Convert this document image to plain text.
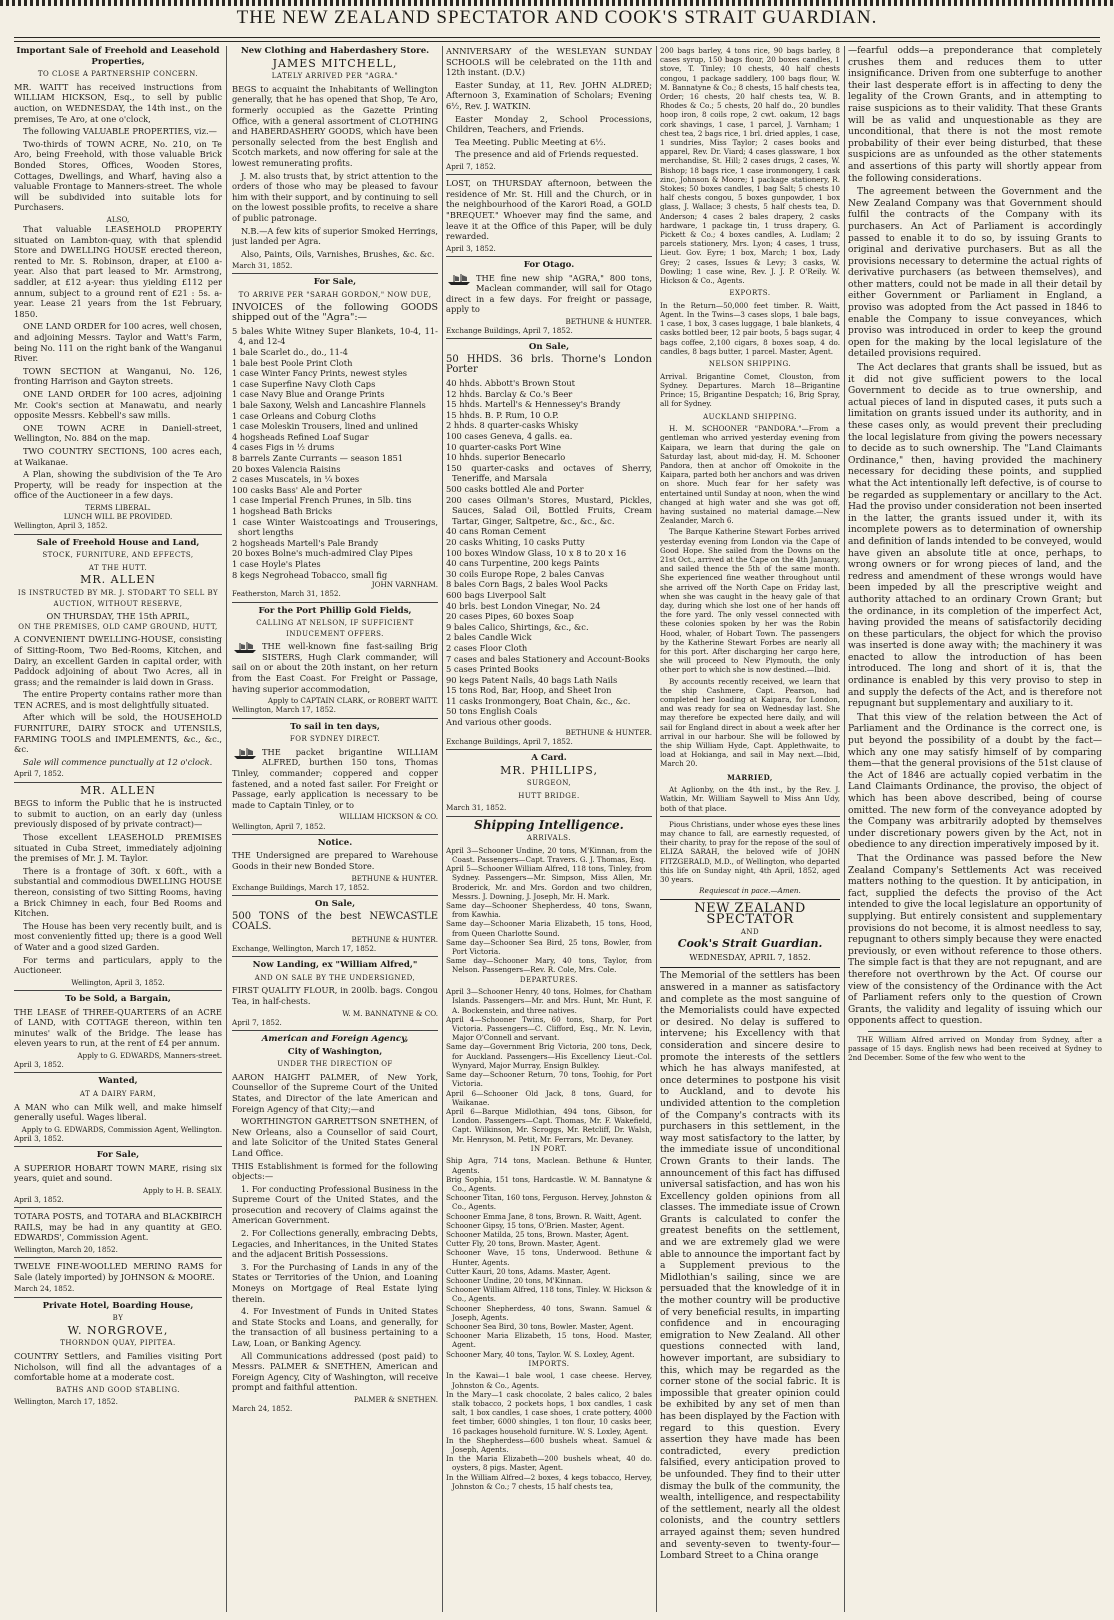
THE NEW ZEALAND SPECTATOR AND COOK'S STRAIT GUARDIAN.
Important Sale of Freehold and Leasehold Properties,
TO CLOSE A PARTNERSHIP CONCERN.
MR. WAITT has received instructions from WILLIAM HICKSON, Esq., to sell by public auction, on WEDNESDAY, the 14th inst., on the premises, Te Aro, at one o'clock,
The following VALUABLE PROPERTIES, viz.—
Two-thirds of TOWN ACRE, No. 210, on Te Aro, being Freehold, with those valuable Brick Bonded Stores, Offices, Wooden Stores, Cottages, Dwellings, and Wharf, having also a valuable Frontage to Manners-street. The whole will be subdivided into suitable lots for Purchasers.
ALSO,
That valuable LEASEHOLD PROPERTY situated on Lambton-quay, with that splendid Store and DWELLING HOUSE erected thereon, rented to Mr. S. Robinson, draper, at £100 a-year. Also that part leased to Mr. Armstrong, saddler, at £12 a-year: thus yielding £112 per annum, subject to a ground rent of £21 : 5s. a-year. Lease 21 years from the 1st February, 1850.
ONE LAND ORDER for 100 acres, well chosen, and adjoining Messrs. Taylor and Watt's Farm, being No. 111 on the right bank of the Wanganui River.
TOWN SECTION at Wanganui, No. 126, fronting Harrison and Gayton streets.
ONE LAND ORDER for 100 acres, adjoining Mr. Cook's section at Manawatu, and nearly opposite Messrs. Kebbell's saw mills.
ONE TOWN ACRE in Daniell-street, Wellington, No. 884 on the map.
TWO COUNTRY SECTIONS, 100 acres each, at Waikanae.
A Plan, showing the subdivision of the Te Aro Property, will be ready for inspection at the office of the Auctioneer in a few days.
TERMS LIBERAL.
LUNCH WILL BE PROVIDED.
Wellington, April 3, 1852.
Sale of Freehold House and Land,
STOCK, FURNITURE, AND EFFECTS,
AT THE HUTT.
MR. ALLEN
IS INSTRUCTED BY MR. J. STODART TO SELL BY AUCTION, WITHOUT RESERVE,
ON THURSDAY, THE 15th APRIL,
ON THE PREMISES, OLD CAMP GROUND, HUTT,
A CONVENIENT DWELLING-HOUSE, consisting of Sitting-Room, Two Bed-Rooms, Kitchen, and Dairy, an excellent Garden in capital order, with Paddock adjoining of about Two Acres, all in grass; and the remainder is laid down in Grass.
The entire Property contains rather more than TEN ACRES, and is most delightfully situated.
After which will be sold, the HOUSEHOLD FURNITURE, DAIRY STOCK and UTENSILS, FARMING TOOLS and IMPLEMENTS, &c., &c., &c.
Sale will commence punctually at 12 o'clock.
April 7, 1852.
MR. ALLEN
BEGS to inform the Public that he is instructed to submit to auction, on an early day (unless previously disposed of by private contract)—
Those excellent LEASEHOLD PREMISES situated in Cuba Street, immediately adjoining the premises of Mr. J. M. Taylor.
There is a frontage of 30ft. x 60ft., with a substantial and commodious DWELLING HOUSE thereon, consisting of two Sitting Rooms, having a Brick Chimney in each, four Bed Rooms and Kitchen.
The House has been very recently built, and is most conveniently fitted up; there is a good Well of Water and a good sized Garden.
For terms and particulars, apply to the Auctioneer.
Wellington, April 3, 1852.
To be Sold, a Bargain,
THE LEASE of THREE-QUARTERS of an ACRE of LAND, with COTTAGE thereon, within ten minutes' walk of the Bridge. The lease has eleven years to run, at the rent of £4 per annum.
Apply to G. EDWARDS, Manners-street.
April 3, 1852.
Wanted,
AT A DAIRY FARM,
A MAN who can Milk well, and make himself generally useful. Wages liberal.
Apply to G. EDWARDS, Commission Agent, Wellington.
April 3, 1852.
For Sale,
A SUPERIOR HOBART TOWN MARE, rising six years, quiet and sound.
Apply to H. B. SEALY.
April 3, 1852.
TOTARA POSTS, and TOTARA and BLACKBIRCH RAILS, may be had in any quantity at GEO. EDWARDS', Commission Agent.
Wellington, March 20, 1852.
TWELVE FINE-WOOLLED MERINO RAMS for Sale (lately imported) by JOHNSON & MOORE.
March 24, 1852.
Private Hotel, Boarding House,
BY
W. NORGROVE,
THORNDON QUAY, PIPITEA.
COUNTRY Settlers, and Families visiting Port Nicholson, will find all the advantages of a comfortable home at a moderate cost.
BATHS AND GOOD STABLING.
Wellington, March 17, 1852.
New Clothing and Haberdashery Store.
JAMES MITCHELL,
LATELY ARRIVED PER "AGRA."
BEGS to acquaint the Inhabitants of Wellington generally, that he has opened that Shop, Te Aro, formerly occupied as the Gazette Printing Office, with a general assortment of CLOTHING and HABERDASHERY GOODS, which have been personally selected from the best English and Scotch markets, and now offering for sale at the lowest remunerating profits.
J. M. also trusts that, by strict attention to the orders of those who may be pleased to favour him with their support, and by continuing to sell on the lowest possible profits, to receive a share of public patronage.
N.B.—A few kits of superior Smoked Herrings, just landed per Agra.
Also, Paints, Oils, Varnishes, Brushes, &c. &c.
March 31, 1852.
For Sale,
TO ARRIVE PER "SARAH GORDON," NOW DUE,
INVOICES of the following GOODS shipped out of the "Agra":—
5 bales White Witney Super Blankets, 10-4, 11-4, and 12-4
1 bale Scarlet do., do., 11-4
1 bale best Poole Print Cloth
1 case Winter Fancy Prints, newest styles
1 case Superfine Navy Cloth Caps
1 case Navy Blue and Orange Prints
1 bale Saxony, Welsh and Lancashire Flannels
1 case Orleans and Coburg Cloths
1 case Moleskin Trousers, lined and unlined
4 hogsheads Refined Loaf Sugar
4 cases Figs in ½ drums
8 barrels Zante Currants — season 1851
20 boxes Valencia Raisins
2 cases Muscatels, in ¼ boxes
100 casks Bass' Ale and Porter
1 case Imperial French Prunes, in 5lb. tins
1 hogshead Bath Bricks
1 case Winter Waistcoatings and Trouserings, short lengths
2 hogsheads Martell's Pale Brandy
20 boxes Bolne's much-admired Clay Pipes
1 case Hoyle's Plates
8 kegs Negrohead Tobacco, small fig
JOHN VARNHAM.
Featherston, March 31, 1852.
For the Port Phillip Gold Fields,
CALLING AT NELSON, IF SUFFICIENT INDUCEMENT OFFERS.
THE well-known fine fast-sailing Brig SISTERS, Hugh Clark commander, will sail on or about the 20th instant, on her return from the East Coast. For Freight or Passage, having superior accommodation,
Apply to CAPTAIN CLARK, or ROBERT WAITT.
Wellington, March 17, 1852.
To sail in ten days,
FOR SYDNEY DIRECT.
THE packet brigantine WILLIAM ALFRED, burthen 150 tons, Thomas Tinley, commander; coppered and copper fastened, and a noted fast sailer. For Freight or Passage, early application is necessary to be made to Captain Tinley, or to
WILLIAM HICKSON & CO.
Wellington, April 7, 1852.
Notice.
THE Undersigned are prepared to Warehouse Goods in their new Bonded Store.
BETHUNE & HUNTER.
Exchange Buildings, March 17, 1852.
On Sale,
500 TONS of the best NEWCASTLE COALS.
BETHUNE & HUNTER.
Exchange, Wellington, March 17, 1852.
Now Landing, ex "William Alfred,"
AND ON SALE BY THE UNDERSIGNED,
FIRST QUALITY FLOUR, in 200lb. bags. Congou Tea, in half-chests.
W. M. BANNATYNE & CO.
April 7, 1852.
American and Foreign Agency,
City of Washington,
UNDER THE DIRECTION OF
AARON HAIGHT PALMER, of New York, Counsellor of the Supreme Court of the United States, and Director of the late American and Foreign Agency of that City;—and
WORTHINGTON GARRETTSON SNETHEN, of New Orleans, also a Counsellor of said Court, and late Solicitor of the United States General Land Office.
THIS Establishment is formed for the following objects:—
1. For conducting Professional Business in the Supreme Court of the United States, and the prosecution and recovery of Claims against the American Government.
2. For Collections generally, embracing Debts, Legacies, and Inheritances, in the United States and the adjacent British Possessions.
3. For the Purchasing of Lands in any of the States or Territories of the Union, and Loaning Moneys on Mortgage of Real Estate lying therein.
4. For Investment of Funds in United States and State Stocks and Loans, and generally, for the transaction of all business pertaining to a Law, Loan, or Banking Agency.
All Communications addressed (post paid) to Messrs. PALMER & SNETHEN, American and Foreign Agency, City of Washington, will receive prompt and faithful attention.
PALMER & SNETHEN.
March 24, 1852.
ANNIVERSARY of the WESLEYAN SUNDAY SCHOOLS will be celebrated on the 11th and 12th instant. (D.V.)
Easter Sunday, at 11, Rev. JOHN ALDRED; Afternoon 3, Examination of Scholars; Evening 6½, Rev. J. WATKIN.
Easter Monday 2, School Processions, Children, Teachers, and Friends.
Tea Meeting. Public Meeting at 6½.
The presence and aid of Friends requested.
April 7, 1852.
LOST, on THURSDAY afternoon, between the residence of Mr. St. Hill and the Church, or in the neighbourhood of the Karori Road, a GOLD "BREQUET." Whoever may find the same, and leave it at the Office of this Paper, will be duly rewarded.
April 3, 1852.
For Otago.
THE fine new ship "AGRA," 800 tons, Maclean commander, will sail for Otago direct in a few days. For freight or passage, apply to
BETHUNE & HUNTER.
Exchange Buildings, April 7, 1852.
On Sale,
50 HHDS. 36 brls. Thorne's London Porter
40 hhds. Abbott's Brown Stout
12 hhds. Barclay & Co.'s Beer
15 hhds. Martell's & Hennessey's Brandy
15 hhds. B. P. Rum, 10 O.P.
2 hhds. 8 quarter-casks Whisky
100 cases Geneva, 4 galls. ea.
10 quarter-casks Port Wine
10 hhds. superior Benecarlo
150 quarter-casks and octaves of Sherry, Teneriffe, and Marsala
500 casks bottled Ale and Porter
200 cases Oilman's Stores, Mustard, Pickles, Sauces, Salad Oil, Bottled Fruits, Cream Tartar, Ginger, Saltpetre, &c., &c., &c.
40 cans Roman Cement
20 casks Whiting, 10 casks Putty
100 boxes Window Glass, 10 x 8 to 20 x 16
40 cans Turpentine, 200 kegs Paints
30 coils Europe Rope, 2 bales Canvas
8 bales Corn Bags, 2 bales Wool Packs
600 bags Liverpool Salt
40 brls. best London Vinegar, No. 24
20 cases Pipes, 60 boxes Soap
9 bales Calico, Shirtings, &c., &c.
2 bales Candle Wick
2 cases Floor Cloth
7 cases and bales Stationery and Account-Books
5 cases Printed Books
90 kegs Patent Nails, 40 bags Lath Nails
15 tons Rod, Bar, Hoop, and Sheet Iron
11 casks Ironmongery, Boat Chain, &c., &c.
50 tons English Coals
And various other goods.
BETHUNE & HUNTER.
Exchange Buildings, April 7, 1852.
A Card.
MR. PHILLIPS,
SURGEON,
HUTT BRIDGE.
March 31, 1852.
Shipping Intelligence.
ARRIVALS.
April 3—Schooner Undine, 20 tons, M'Kinnan, from the Coast. Passengers—Capt. Travers. G. J. Thomas, Esq.
April 5—Schooner William Alfred, 118 tons, Tinley, from Sydney. Passengers—Mr. Simpson, Miss Allen, Mr. Broderick, Mr. and Mrs. Gordon and two children, Messrs. J. Downing, J. Joseph, Mr. H. Mark.
Same day—Schooner Shepherdess, 40 tons, Swann, from Kawhia.
Same day—Schooner Maria Elizabeth, 15 tons, Hood, from Queen Charlotte Sound.
Same day—Schooner Sea Bird, 25 tons, Bowler, from Port Victoria.
Same day—Schooner Mary, 40 tons, Taylor, from Nelson. Passengers—Rev. R. Cole, Mrs. Cole.
DEPARTURES.
April 3—Schooner Henry, 40 tons, Holmes, for Chatham Islands. Passengers—Mr. and Mrs. Hunt, Mr. Hunt, F. A. Bockenstein, and three natives.
April 4—Schooner Twins, 60 tons, Sharp, for Port Victoria. Passengers—C. Clifford, Esq., Mr. N. Levin, Major O'Connell and servant.
Same day—Government Brig Victoria, 200 tons, Deck, for Auckland. Passengers—His Excellency Lieut.-Col. Wynyard, Major Murray, Ensign Bulkley.
Same day—Schooner Return, 70 tons, Toohig, for Port Victoria.
April 6—Schooner Old Jack, 8 tons, Guard, for Waikanae.
April 6—Barque Midlothian, 494 tons, Gibson, for London. Passengers—Capt. Thomas, Mr. F. Wakefield, Capt. Wilkinson, Mr. Scroggs, Mr. Retcliff, Dr. Walsh, Mr. Henryson, M. Petit, Mr. Ferrars, Mr. Devaney.
IN PORT.
Ship Agra, 714 tons, Maclean. Bethune & Hunter, Agents.
Brig Sophia, 151 tons, Hardcastle. W. M. Bannatyne & Co., Agents.
Schooner Titan, 160 tons, Ferguson. Hervey, Johnston & Co., Agents.
Schooner Emma Jane, 8 tons, Brown. R. Waitt, Agent.
Schooner Gipsy, 15 tons, O'Brien. Master, Agent.
Schooner Matilda, 25 tons, Brown. Master, Agent.
Cutter Fly, 20 tons, Brown. Master, Agent.
Schooner Wave, 15 tons, Underwood. Bethune & Hunter, Agents.
Cutter Kauri, 20 tons, Adams. Master, Agent.
Schooner Undine, 20 tons, M'Kinnan.
Schooner William Alfred, 118 tons, Tinley. W. Hickson & Co., Agents.
Schooner Shepherdess, 40 tons, Swann. Samuel & Joseph, Agents.
Schooner Sea Bird, 30 tons, Bowler. Master, Agent.
Schooner Maria Elizabeth, 15 tons, Hood. Master, Agent.
Schooner Mary, 40 tons, Taylor. W. S. Loxley, Agent.
IMPORTS.
In the Kawai—1 bale wool, 1 case cheese. Hervey, Johnston & Co., Agents.
In the Mary—1 cask chocolate, 2 bales calico, 2 bales stalk tobacco, 2 pockets hops, 1 box candles, 1 cask salt, 1 box candles, 1 case shoes, 1 crate pottery, 4000 feet timber, 6000 shingles, 1 ton flour, 10 casks beer, 16 packages household furniture. W. S. Loxley, Agent.
In the Shepherdess—600 bushels wheat. Samuel & Joseph, Agents.
In the Maria Elizabeth—200 bushels wheat, 40 do. oysters, 8 pigs. Master, Agent.
In the William Alfred—2 boxes, 4 kegs tobacco, Hervey, Johnston & Co.; 7 chests, 15 half chests tea,
200 bags barley, 4 tons rice, 90 bags barley, 8 cases syrup, 150 bags flour, 20 boxes candles, 1 stove, T. Tinley; 10 chests, 40 half chests congou, 1 package saddlery, 100 bags flour, W. M. Bannatyne & Co.; 8 chests, 15 half chests tea, Order; 16 chests, 20 half chests tea, W. B. Rhodes & Co.; 5 chests, 20 half do., 20 bundles hoop iron, 8 coils rope, 2 cwt. oakum, 12 bags cork shavings, 1 case, 1 parcel, J. Varnham; 1 chest tea, 2 bags rice, 1 brl. dried apples, 1 case, 1 sundries, Miss Taylor; 2 cases books and apparel, Rev. Dr. Viard; 4 cases glassware, 1 box merchandise, St. Hill; 2 cases drugs, 2 cases, W. Bishop; 18 bags rice, 1 case ironmongery, 1 cask zinc, Johnson & Moore; 1 package stationery, R. Stokes; 50 boxes candles, 1 bag Salt; 5 chests 10 half chests congou, 5 boxes gunpowder, 1 box glass, J. Wallace; 3 chests, 5 half chests tea, D. Anderson; 4 cases 2 bales drapery, 2 casks hardware, 1 package tin, 1 truss drapery, G. Pickett & Co.; 4 boxes candles, A. Ludlam; 2 parcels stationery, Mrs. Lyon; 4 cases, 1 truss, Lieut. Gov. Eyre; 1 box, March; 1 box, Lady Grey; 2 cases, Issues & Levy; 3 casks, W. Dowling; 1 case wine, Rev. J. J. P. O'Reily. W. Hickson & Co., Agents.
EXPORTS.
In the Return—50,000 feet timber. R. Waitt, Agent. In the Twins—3 cases slops, 1 bale bags, 1 case, 1 box, 3 cases luggage, 1 bale blankets, 4 casks bottled beer, 12 pair boots, 5 bags sugar, 4 bags coffee, 2,100 cigars, 8 boxes soap, 4 do. candles, 8 bags butter, 1 parcel. Master, Agent.
NELSON SHIPPING.
Arrival. Brigantine Comet, Clouston, from Sydney. Departures. March 18—Brigantine Prince; 15, Brigantine Despatch; 16, Brig Spray, all for Sydney.
AUCKLAND SHIPPING.
H. M. SCHOONER "PANDORA."—From a gentleman who arrived yesterday evening from Kaipara, we learn that during the gale on Saturday last, about mid-day, H. M. Schooner Pandora, then at anchor off Omokoite in the Kaipara, parted both her anchors and was driven on shore. Much fear for her safety was entertained until Sunday at noon, when the wind changed at high water and she was got off, having sustained no material damage.—New Zealander, March 6.
The Barque Katherine Stewart Forbes arrived yesterday evening from London via the Cape of Good Hope. She sailed from the Downs on the 21st Oct., arrived at the Cape on the 4th January, and sailed thence the 5th of the same month. She experienced fine weather throughout until she arrived off the North Cape on Friday last, when she was caught in the heavy gale of that day, during which she lost one of her hands off the fore yard. The only vessel connected with these colonies spoken by her was the Robin Hood, whaler, of Hobart Town. The passengers by the Katherine Stewart Forbes are nearly all for this port. After discharging her cargo here, she will proceed to New Plymouth, the only other port to which she is now destined.—Ibid.
By accounts recently received, we learn that the ship Cashmere, Capt. Pearson, had completed her loading at Kaipara, for London, and was ready for sea on Wednesday last. She may therefore be expected here daily, and will sail for England direct in about a week after her arrival in our harbour. She will be followed by the ship William Hyde, Capt. Applethwaite, to load at Hokianga, and sail in May next.—Ibid, March 20.
MARRIED,
At Aglionby, on the 4th inst., by the Rev. J. Watkin, Mr. William Saywell to Miss Ann Udy, both of that place.
Pious Christians, under whose eyes these lines may chance to fall, are earnestly requested, of their charity, to pray for the repose of the soul of ELIZA SARAH, the beloved wife of JOHN FITZGERALD, M.D., of Wellington, who departed this life on Sunday night, 4th April, 1852, aged 30 years.
Requiescat in pace.—Amen.
NEW ZEALAND SPECTATOR
AND
Cook's Strait Guardian.
WEDNESDAY, APRIL 7, 1852.
The Memorial of the settlers has been answered in a manner as satisfactory and complete as the most sanguine of the Memorialists could have expected or desired. No delay is suffered to intervene; his Excellency with that consideration and sincere desire to promote the interests of the settlers which he has always manifested, at once determines to postpone his visit to Auckland, and to devote his undivided attention to the completion of the Company's contracts with its purchasers in this settlement, in the way most satisfactory to the latter, by the immediate issue of unconditional Crown Grants to their lands. The announcement of this fact has diffused universal satisfaction, and has won his Excellency golden opinions from all classes. The immediate issue of Crown Grants is calculated to confer the greatest benefits on the settlement, and we are extremely glad we were able to announce the important fact by a Supplement previous to the Midlothian's sailing, since we are persuaded that the knowledge of it in the mother country will be productive of very beneficial results, in imparting confidence and in encouraging emigration to New Zealand. All other questions connected with land, however important, are subsidiary to this, which may be regarded as the corner stone of the social fabric. It is impossible that greater opinion could be exhibited by any set of men than has been displayed by the Faction with regard to this question. Every assertion they have made has been contradicted, every prediction falsified, every anticipation proved to be unfounded. They find to their utter dismay the bulk of the community, the wealth, intelligence, and respectability of the settlement, nearly all the oldest colonists, and the country settlers arrayed against them; seven hundred and seventy-seven to twenty-four—Lombard Street to a China orange
—fearful odds—a preponderance that completely crushes them and reduces them to utter insignificance. Driven from one subterfuge to another their last desperate effort is in affecting to deny the legality of the Crown Grants, and in attempting to raise suspicions as to their validity. That these Grants will be as valid and unquestionable as they are unconditional, that there is not the most remote probability of their ever being disturbed, that these suspicions are as unfounded as the other statements and assertions of this party will shortly appear from the following considerations.
The agreement between the Government and the New Zealand Company was that Government should fulfil the contracts of the Company with its purchasers. An Act of Parliament is accordingly passed to enable it to do so, by issuing Grants to original and derivative purchasers. But as all the provisions necessary to determine the actual rights of derivative purchasers (as between themselves), and other matters, could not be made in all their detail by either Government or Parliament in England, a proviso was adopted from the Act passed in 1846 to enable the Company to issue conveyances, which proviso was introduced in order to keep the ground open for the making by the local legislature of the detailed provisions required.
The Act declares that grants shall be issued, but as it did not give sufficient powers to the local Government to decide as to true ownership, and actual pieces of land in disputed cases, it puts such a limitation on grants issued under its authority, and in these cases only, as would prevent their precluding the local legislature from giving the powers necessary to decide as to such ownership. The "Land Claimants Ordinance," then, having provided the machinery necessary for deciding these points, and supplied what the Act intentionally left defective, is of course to be regarded as supplementary or ancillary to the Act. Had the proviso under consideration not been inserted in the latter, the grants issued under it, with its incomplete powers as to determination of ownership and definition of lands intended to be conveyed, would have given an absolute title at once, perhaps, to wrong owners or for wrong pieces of land, and the redress and amendment of these wrongs would have been impeded by all the prescriptive weight and authority attached to an ordinary Crown Grant; but the ordinance, in its completion of the imperfect Act, having provided the means of satisfactorily deciding on these particulars, the object for which the proviso was inserted is done away with; the machinery it was enacted to allow the introduction of has been introduced. The long and short of it is, that the ordinance is enabled by this very proviso to step in and supply the defects of the Act, and is therefore not repugnant but supplementary and auxiliary to it.
That this view of the relation between the Act of Parliament and the Ordinance is the correct one, is put beyond the possibility of a doubt by the fact—which any one may satisfy himself of by comparing them—that the general provisions of the 51st clause of the Act of 1846 are actually copied verbatim in the Land Claimants Ordinance, the proviso, the object of which has been above described, being of course omitted. The new form of the conveyance adopted by the Company was arbitrarily adopted by themselves under discretionary powers given by the Act, not in obedience to any direction imperatively imposed by it.
That the Ordinance was passed before the New Zealand Company's Settlements Act was received matters nothing to the question. It by anticipation, in fact, supplied the defects the proviso of the Act intended to give the local legislature an opportunity of supplying. But entirely consistent and supplementary provisions do not become, it is almost needless to say, repugnant to others simply because they were enacted previously, or even without reference to those others. The simple fact is that they are not repugnant, and are therefore not overthrown by the Act. Of course our view of the consistency of the Ordinance with the Act of Parliament refers only to the question of Crown Grants, the validity and legality of issuing which our opponents affect to question.
THE William Alfred arrived on Monday from Sydney, after a passage of 15 days. English news had been received at Sydney to 2nd December. Some of the few who went to the
